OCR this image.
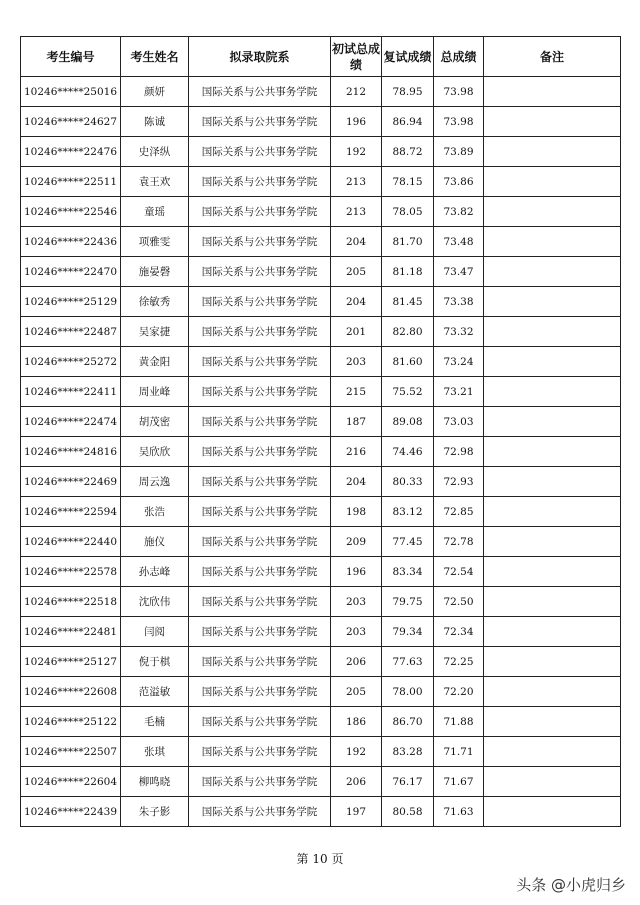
考生编号	考生姓名	拟录取院系	初试总成绩	复试成绩	总成绩	备注
10246*****25016	颜妍	国际关系与公共事务学院	212	78.95	73.98	
10246*****24627	陈诚	国际关系与公共事务学院	196	86.94	73.98	
10246*****22476	史泽纵	国际关系与公共事务学院	192	88.72	73.89	
10246*****22511	袁王欢	国际关系与公共事务学院	213	78.15	73.86	
10246*****22546	童瑶	国际关系与公共事务学院	213	78.05	73.82	
10246*****22436	项雅雯	国际关系与公共事务学院	204	81.70	73.48	
10246*****22470	施晏磬	国际关系与公共事务学院	205	81.18	73.47	
10246*****25129	徐敏秀	国际关系与公共事务学院	204	81.45	73.38	
10246*****22487	吴家捷	国际关系与公共事务学院	201	82.80	73.32	
10246*****25272	黄金阳	国际关系与公共事务学院	203	81.60	73.24	
10246*****22411	周业峰	国际关系与公共事务学院	215	75.52	73.21	
10246*****22474	胡茂密	国际关系与公共事务学院	187	89.08	73.03	
10246*****24816	吴欣欣	国际关系与公共事务学院	216	74.46	72.98	
10246*****22469	周云逸	国际关系与公共事务学院	204	80.33	72.93	
10246*****22594	张浩	国际关系与公共事务学院	198	83.12	72.85	
10246*****22440	施仪	国际关系与公共事务学院	209	77.45	72.78	
10246*****22578	孙志峰	国际关系与公共事务学院	196	83.34	72.54	
10246*****22518	沈欣伟	国际关系与公共事务学院	203	79.75	72.50	
10246*****22481	闫阅	国际关系与公共事务学院	203	79.34	72.34	
10246*****25127	倪于棋	国际关系与公共事务学院	206	77.63	72.25	
10246*****22608	范溢敏	国际关系与公共事务学院	205	78.00	72.20	
10246*****25122	毛楠	国际关系与公共事务学院	186	86.70	71.88	
10246*****22507	张琪	国际关系与公共事务学院	192	83.28	71.71	
10246*****22604	柳鸣晓	国际关系与公共事务学院	206	76.17	71.67	
10246*****22439	朱子影	国际关系与公共事务学院	197	80.58	71.63	
第 10 页
头条 @小虎归乡
